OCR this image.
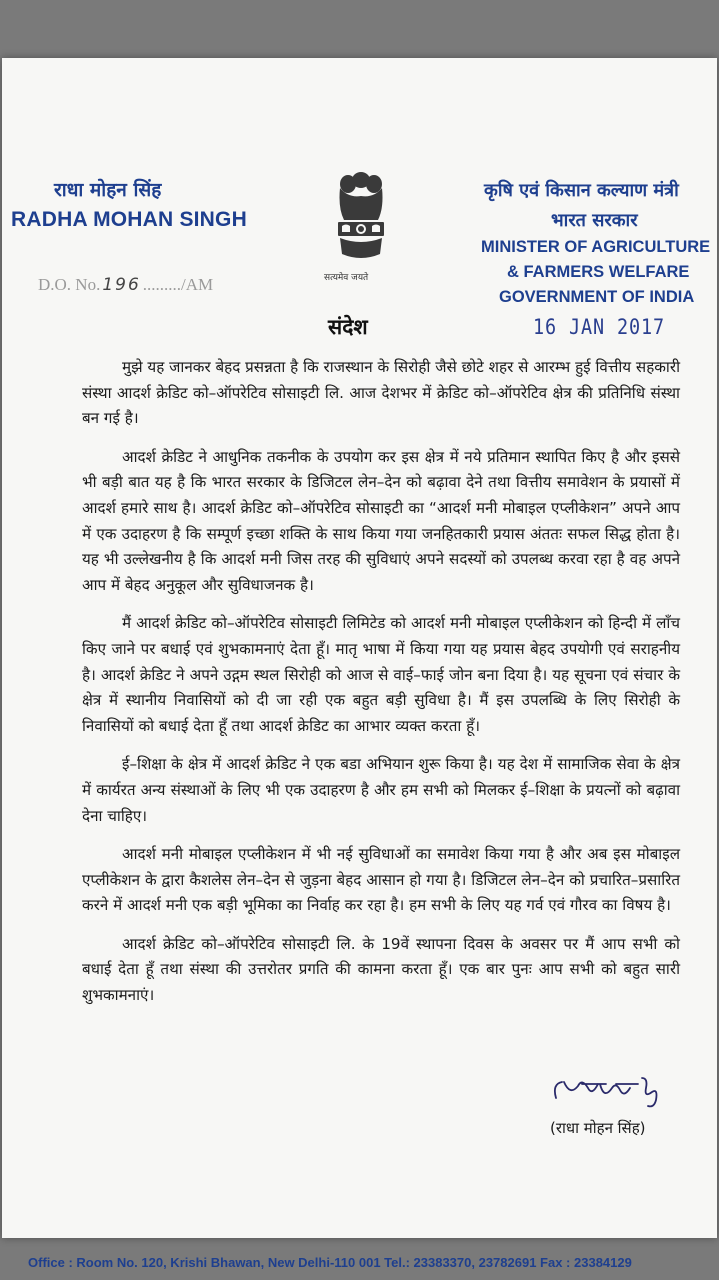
राधा मोहन सिंह
RADHA MOHAN SINGH
D.O. No. 196 ........./AM	सत्यमेव जयते
कृषि एवं किसान कल्याण मंत्री
भारत सरकार
MINISTER OF AGRICULTURE
& FARMERS WELFARE
GOVERNMENT OF INDIA
संदेश	16 JAN 2017

मुझे यह जानकर बेहद प्रसन्नता है कि राजस्थान के सिरोही जैसे छोटे शहर से आरम्भ हुई वित्तीय सहकारी संस्था आदर्श क्रेडिट को–ऑपरेटिव सोसाइटी लि. आज देशभर में क्रेडिट को–ऑपरेटिव क्षेत्र की प्रतिनिधि संस्था बन गई है।

आदर्श क्रेडिट ने आधुनिक तकनीक के उपयोग कर इस क्षेत्र में नये प्रतिमान स्थापित किए है और इससे भी बड़ी बात यह है कि भारत सरकार के डिजिटल लेन–देन को बढ़ावा देने तथा वित्तीय समावेशन के प्रयासों में आदर्श हमारे साथ है। आदर्श क्रेडिट को–ऑपरेटिव सोसाइटी का “आदर्श मनी मोबाइल एप्लीकेशन” अपने आप में एक उदाहरण है कि सम्पूर्ण इच्छा शक्ति के साथ किया गया जनहितकारी प्रयास अंततः सफल सिद्ध होता है। यह भी उल्लेखनीय है कि आदर्श मनी जिस तरह की सुविधाएं अपने सदस्यों को उपलब्ध करवा रहा है वह अपने आप में बेहद अनुकूल और सुविधाजनक है।

मैं आदर्श क्रेडिट को–ऑपरेटिव सोसाइटी लिमिटेड को आदर्श मनी मोबाइल एप्लीकेशन को हिन्दी में लाँच किए जाने पर बधाई एवं शुभकामनाएं देता हूँ। मातृ भाषा में किया गया यह प्रयास बेहद उपयोगी एवं सराहनीय है। आदर्श क्रेडिट ने अपने उद्गम स्थल सिरोही को आज से वाई–फाई जोन बना दिया है। यह सूचना एवं संचार के क्षेत्र में स्थानीय निवासियों को दी जा रही एक बहुत बड़ी सुविधा है। मैं इस उपलब्धि के लिए सिरोही के निवासियों को बधाई देता हूँ तथा आदर्श क्रेडिट का आभार व्यक्त करता हूँ।

ई–शिक्षा के क्षेत्र में आदर्श क्रेडिट ने एक बडा अभियान शुरू किया है। यह देश में सामाजिक सेवा के क्षेत्र में कार्यरत अन्य संस्थाओं के लिए भी एक उदाहरण है और हम सभी को मिलकर ई–शिक्षा के प्रयत्नों को बढ़ावा देना चाहिए।

आदर्श मनी मोबाइल एप्लीकेशन में भी नई सुविधाओं का समावेश किया गया है और अब इस मोबाइल एप्लीकेशन के द्वारा कैशलेस लेन–देन से जुड़ना बेहद आसान हो गया है। डिजिटल लेन–देन को प्रचारित–प्रसारित करने में आदर्श मनी एक बड़ी भूमिका का निर्वाह कर रहा है। हम सभी के लिए यह गर्व एवं गौरव का विषय है।

आदर्श क्रेडिट को–ऑपरेटिव सोसाइटी लि. के 19वें स्थापना दिवस के अवसर पर मैं आप सभी को बधाई देता हूँ तथा संस्था की उत्तरोतर प्रगति की कामना करता हूँ। एक बार पुनः आप सभी को बहुत सारी शुभकामनाएं।

(राधा मोहन सिंह)
Office : Room No. 120, Krishi Bhawan, New Delhi-110 001 Tel.: 23383370, 23782691 Fax : 23384129
